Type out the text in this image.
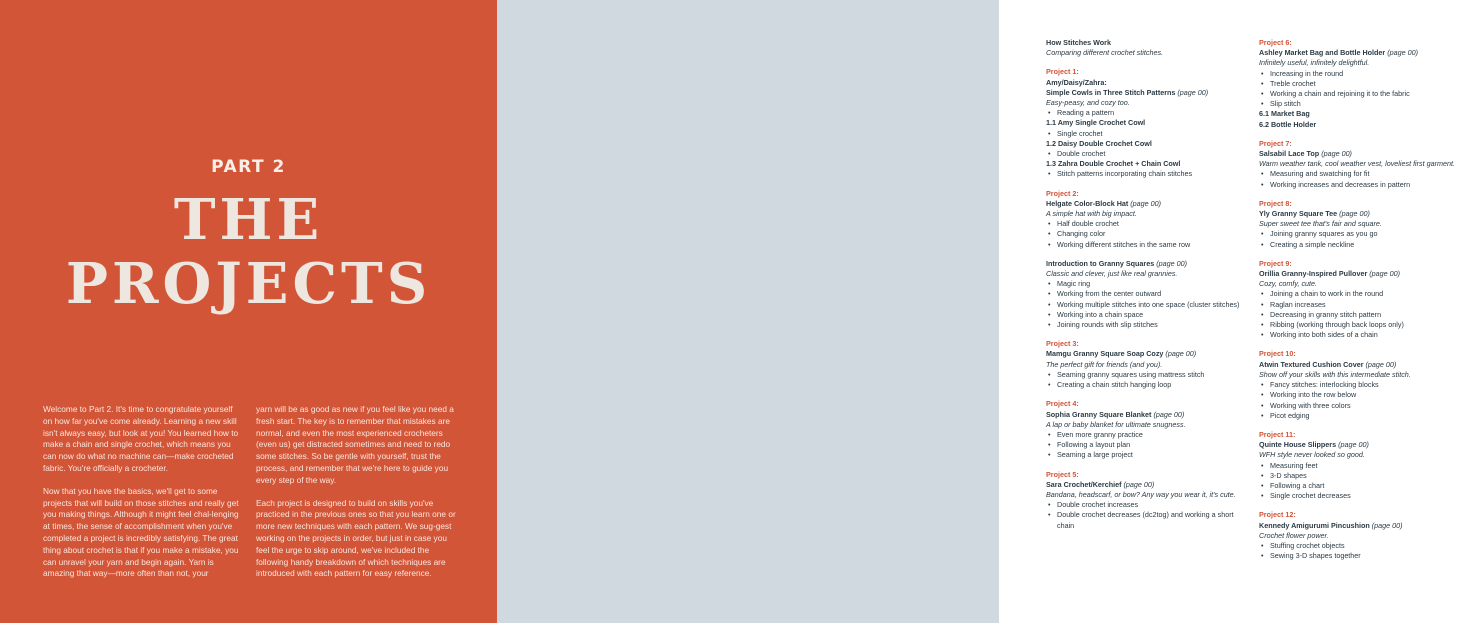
PART 2
THE
PROJECTS

Welcome to Part 2. It's time to congratulate yourself on how far you've come already. Learning a new skill isn't always easy, but look at you! You learned how to make a chain and single crochet, which means you can now do what no machine can—make crocheted fabric. You're officially a crocheter.

Now that you have the basics, we'll get to some projects that will build on those stitches and really get you making things. Although it might feel chal-lenging at times, the sense of accomplishment when you've completed a project is incredibly satisfying. The great thing about crochet is that if you make a mistake, you can unravel your yarn and begin again. Yarn is amazing that way—more often than not, your

yarn will be as good as new if you feel like you need a fresh start. The key is to remember that mistakes are normal, and even the most experienced crocheters (even us) get distracted sometimes and need to redo some stitches. So be gentle with yourself, trust the process, and remember that we're here to guide you every step of the way.

Each project is designed to build on skills you've practiced in the previous ones so that you learn one or more new techniques with each pattern. We sug-gest working on the projects in order, but just in case you feel the urge to skip around, we've included the following handy breakdown of which techniques are introduced with each pattern for easy reference.

How Stitches Work
Comparing different crochet stitches.
Project 1:
Amy/Daisy/Zahra:
Simple Cowls in Three Stitch Patterns (page 00)
Easy-peasy, and cozy too.
• Reading a pattern
1.1 Amy Single Crochet Cowl
• Single crochet
1.2 Daisy Double Crochet Cowl
• Double crochet
1.3 Zahra Double Crochet + Chain Cowl
• Stitch patterns incorporating chain stitches
Project 2:
Helgate Color-Block Hat (page 00)
A simple hat with big impact.
• Half double crochet
• Changing color
• Working different stitches in the same row
Introduction to Granny Squares (page 00)
Classic and clever, just like real grannies.
• Magic ring
• Working from the center outward
• Working multiple stitches into one space (cluster stitches)
• Working into a chain space
• Joining rounds with slip stitches
Project 3:
Mamgu Granny Square Soap Cozy (page 00)
The perfect gift for friends (and you).
• Seaming granny squares using mattress stitch
• Creating a chain stitch hanging loop
Project 4:
Sophia Granny Square Blanket (page 00)
A lap or baby blanket for ultimate snugness.
• Even more granny practice
• Following a layout plan
• Seaming a large project
Project 5:
Sara Crochet/Kerchief (page 00)
Bandana, headscarf, or bow? Any way you wear it, it's cute.
• Double crochet increases
• Double crochet decreases (dc2tog) and working a short chain
Project 6:
Ashley Market Bag and Bottle Holder (page 00)
Infinitely useful, infinitely delightful.
• Increasing in the round
• Treble crochet
• Working a chain and rejoining it to the fabric
• Slip stitch
6.1 Market Bag
6.2 Bottle Holder
Project 7:
Salsabil Lace Top (page 00)
Warm weather tank, cool weather vest, loveliest first garment.
• Measuring and swatching for fit
• Working increases and decreases in pattern
Project 8:
Yly Granny Square Tee (page 00)
Super sweet tee that's fair and square.
• Joining granny squares as you go
• Creating a simple neckline
Project 9:
Orillia Granny-Inspired Pullover (page 00)
Cozy, comfy, cute.
• Joining a chain to work in the round
• Raglan increases
• Decreasing in granny stitch pattern
• Ribbing (working through back loops only)
• Working into both sides of a chain
Project 10:
Atwin Textured Cushion Cover (page 00)
Show off your skills with this intermediate stitch.
• Fancy stitches: interlocking blocks
• Working into the row below
• Working with three colors
• Picot edging
Project 11:
Quinte House Slippers (page 00)
WFH style never looked so good.
• Measuring feet
• 3-D shapes
• Following a chart
• Single crochet decreases
Project 12:
Kennedy Amigurumi Pincushion (page 00)
Crochet flower power.
• Stuffing crochet objects
• Sewing 3-D shapes together
